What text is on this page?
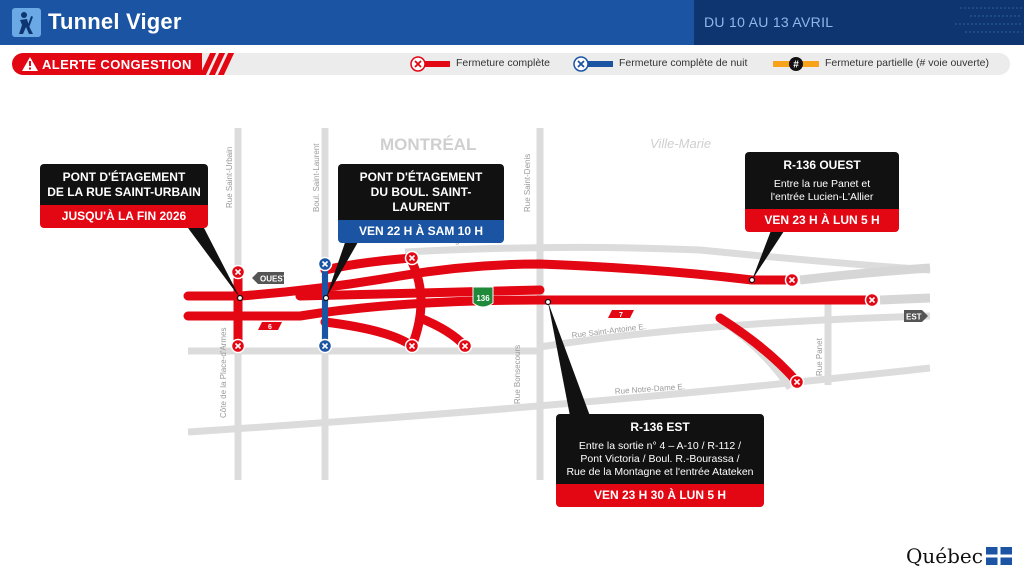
Tunnel Viger	DU 10 AU 13 AVRIL
ALERTE CONGESTION	Fermeture complète	Fermeture complète de nuit	# Fermeture partielle (# voie ouverte)
Rue Saint-Urbain	Boul. Saint-Laurent	Rue Saint-Denis
Rue Panet
Rue Bonsecours
Côte de la Place-d'Armes	Rue Saint-Antoine E.
Rue Notre-Dame E.
MONTRÉAL	Ville-Marie
6
7
OUEST
EST
136
PONT D'ÉTAGEMENT
DE LA RUE SAINT-URBAIN
JUSQU'À LA FIN 2026
PONT D'ÉTAGEMENT
DU BOUL. SAINT-LAURENT
VEN 22 H À SAM 10 H
R-136 OUEST
Entre la rue Panet et
l'entrée Lucien-L'Allier
VEN 23 H À LUN 5 H
R-136 EST
Entre la sortie n° 4 – A-10 / R-112 /
Pont Victoria / Boul. R.-Bourassa /
Rue de la Montagne et l'entrée Atateken
VEN 23 H 30 À LUN 5 H
Québec
